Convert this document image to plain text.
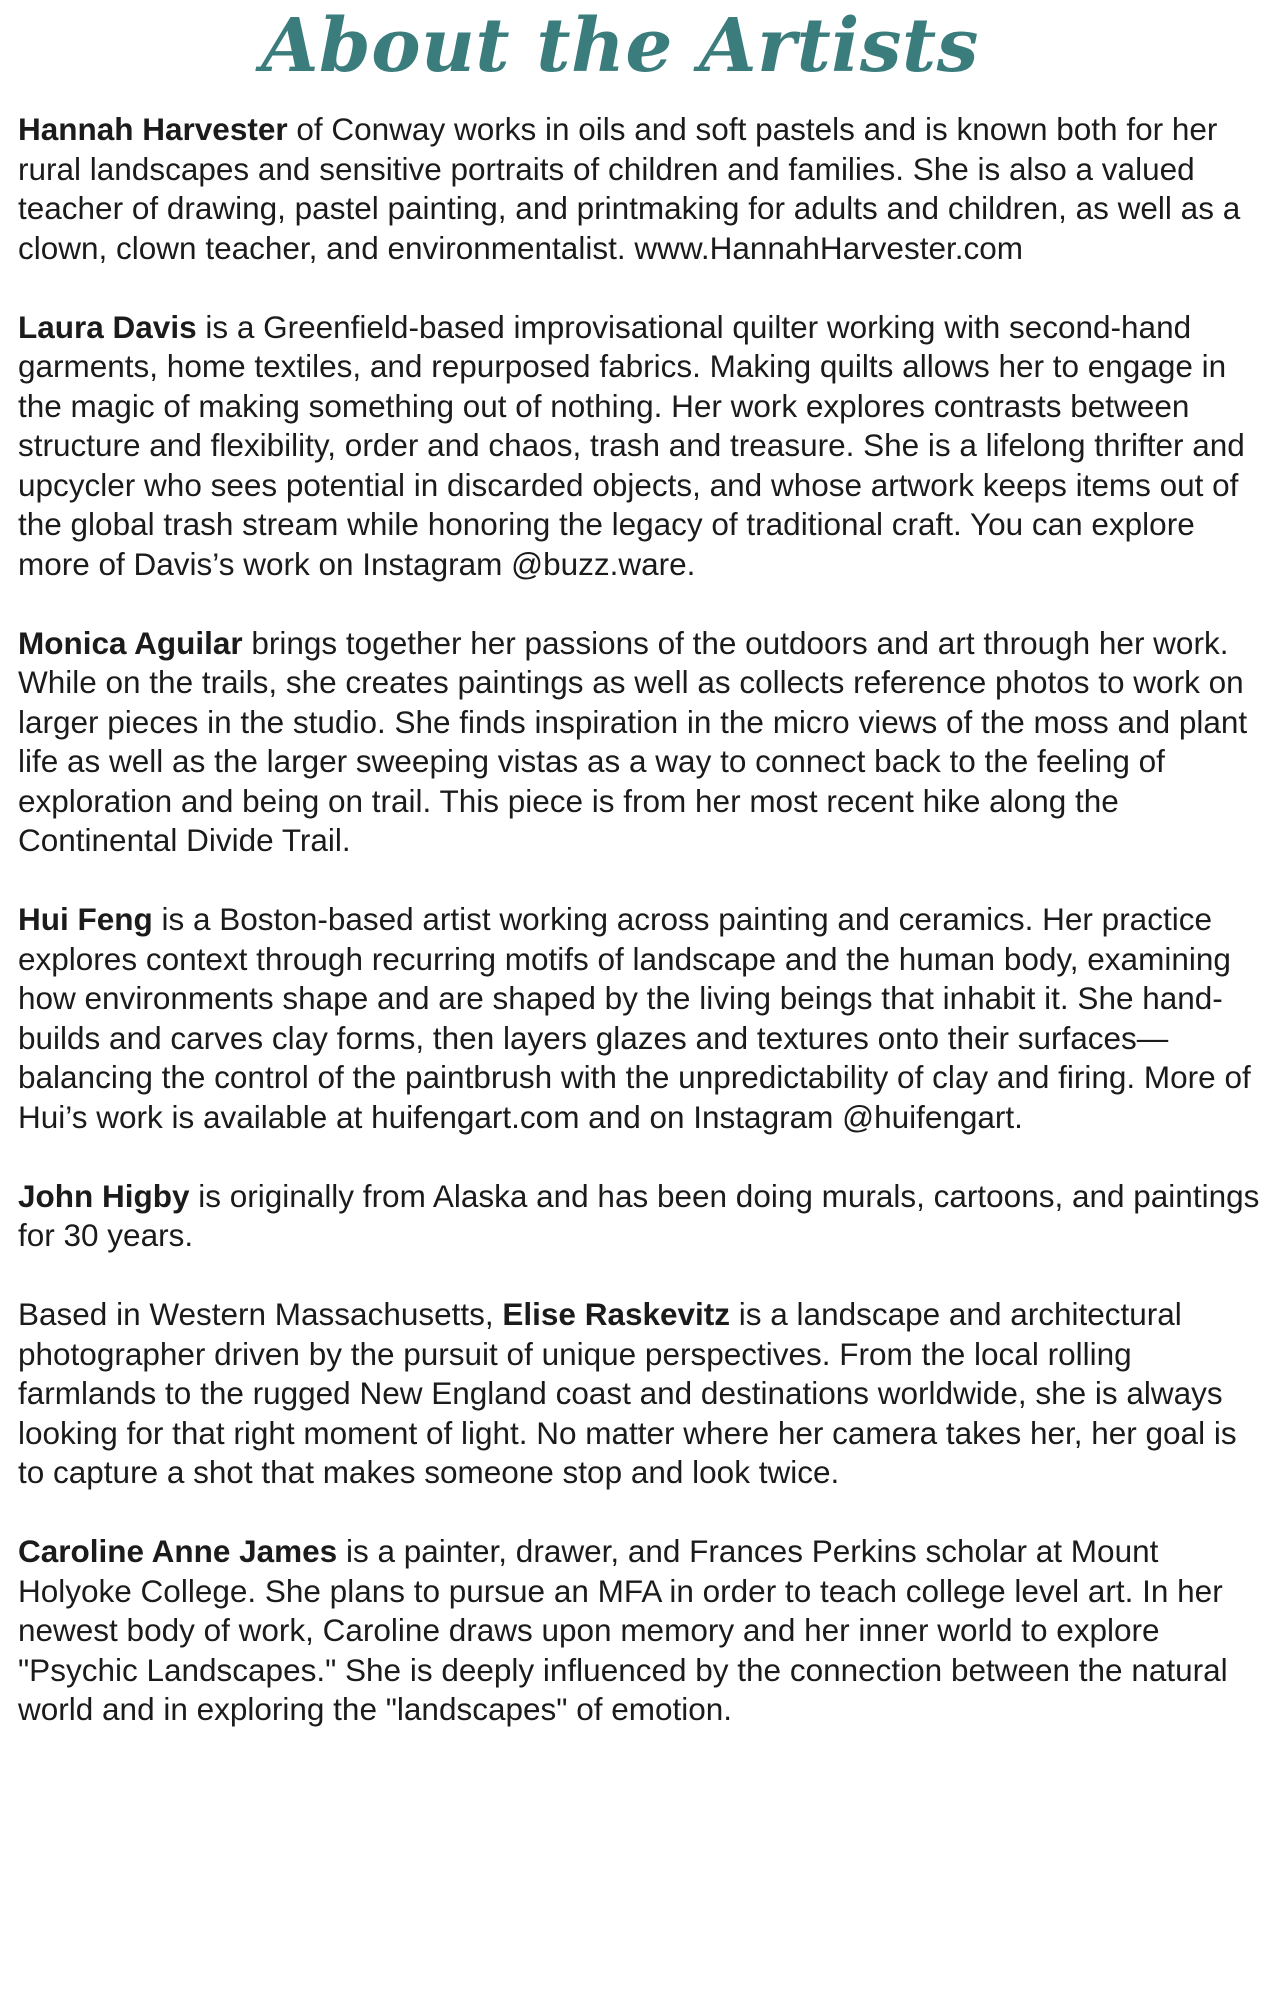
About the Artists

Hannah Harvester of Conway works in oils and soft pastels and is known both for her rural landscapes and sensitive portraits of children and families. She is also a valued teacher of drawing, pastel painting, and printmaking for adults and children, as well as a clown, clown teacher, and environmentalist. www.HannahHarvester.com

Laura Davis is a Greenfield-based improvisational quilter working with second-hand garments, home textiles, and repurposed fabrics. Making quilts allows her to engage in the magic of making something out of nothing. Her work explores contrasts between structure and flexibility, order and chaos, trash and treasure. She is a lifelong thrifter and upcycler who sees potential in discarded objects, and whose artwork keeps items out of the global trash stream while honoring the legacy of traditional craft. You can explore more of Davis’s work on Instagram @buzz.ware.

Monica Aguilar brings together her passions of the outdoors and art through her work. While on the trails, she creates paintings as well as collects reference photos to work on larger pieces in the studio. She finds inspiration in the micro views of the moss and plant life as well as the larger sweeping vistas as a way to connect back to the feeling of exploration and being on trail. This piece is from her most recent hike along the Continental Divide Trail.

Hui Feng is a Boston-based artist working across painting and ceramics. Her practice explores context through recurring motifs of landscape and the human body, examining how environments shape and are shaped by the living beings that inhabit it. She hand-builds and carves clay forms, then layers glazes and textures onto their surfaces—balancing the control of the paintbrush with the unpredictability of clay and firing. More of Hui’s work is available at huifengart.com and on Instagram @huifengart.

John Higby is originally from Alaska and has been doing murals, cartoons, and paintings for 30 years.

Based in Western Massachusetts, Elise Raskevitz is a landscape and architectural photographer driven by the pursuit of unique perspectives. From the local rolling farmlands to the rugged New England coast and destinations worldwide, she is always looking for that right moment of light. No matter where her camera takes her, her goal is to capture a shot that makes someone stop and look twice.

Caroline Anne James is a painter, drawer, and Frances Perkins scholar at Mount Holyoke College. She plans to pursue an MFA in order to teach college level art. In her newest body of work, Caroline draws upon memory and her inner world to explore "Psychic Landscapes." She is deeply influenced by the connection between the natural world and in exploring the "landscapes" of emotion.
